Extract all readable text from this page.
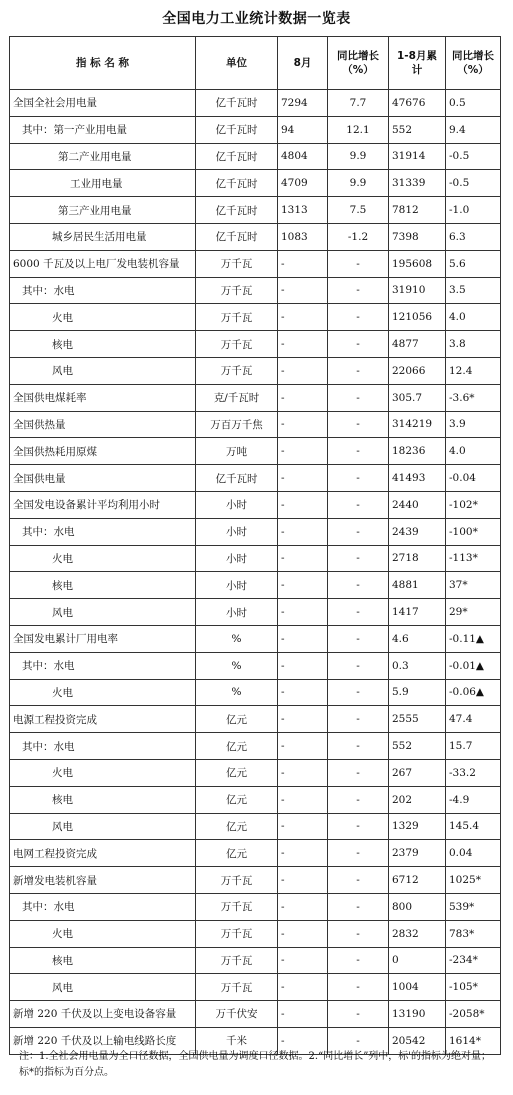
全国电力工业统计数据一览表
指 标 名 称	单位	8月	同比增长（%）	1-8月累计	同比增长（%）
全国全社会用电量	亿千瓦时	7294	7.7	47676	0.5
其中：第一产业用电量	亿千瓦时	94	12.1	552	9.4
第二产业用电量	亿千瓦时	4804	9.9	31914	-0.5
工业用电量	亿千瓦时	4709	9.9	31339	-0.5
第三产业用电量	亿千瓦时	1313	7.5	7812	-1.0
城乡居民生活用电量	亿千瓦时	1083	-1.2	7398	6.3
6000 千瓦及以上电厂发电装机容量	万千瓦	-	-	195608	5.6
其中：水电	万千瓦	-	-	31910	3.5
火电	万千瓦	-	-	121056	4.0
核电	万千瓦	-	-	4877	3.8
风电	万千瓦	-	-	22066	12.4
全国供电煤耗率	克/千瓦时	-	-	305.7	-3.6*
全国供热量	万百万千焦	-	-	314219	3.9
全国供热耗用原煤	万吨	-	-	18236	4.0
全国供电量	亿千瓦时	-	-	41493	-0.04
全国发电设备累计平均利用小时	小时	-	-	2440	-102*
其中：水电	小时	-	-	2439	-100*
火电	小时	-	-	2718	-113*
核电	小时	-	-	4881	37*
风电	小时	-	-	1417	29*
全国发电累计厂用电率	%	-	-	4.6	-0.11▲
其中：水电	%	-	-	0.3	-0.01▲
火电	%	-	-	5.9	-0.06▲
电源工程投资完成	亿元	-	-	2555	47.4
其中：水电	亿元	-	-	552	15.7
火电	亿元	-	-	267	-33.2
核电	亿元	-	-	202	-4.9
风电	亿元	-	-	1329	145.4
电网工程投资完成	亿元	-	-	2379	0.04
新增发电装机容量	万千瓦	-	-	6712	1025*
其中：水电	万千瓦	-	-	800	539*
火电	万千瓦	-	-	2832	783*
核电	万千瓦	-	-	0	-234*
风电	万千瓦	-	-	1004	-105*
新增 220 千伏及以上变电设备容量	万千伏安	-	-	13190	-2058*
新增 220 千伏及以上输电线路长度	千米	-	-	20542	1614*
注：1.全社会用电量为全口径数据，全国供电量为调度口径数据。2.“同比增长”列中，标'的指标为绝对量；标*的指标为百分点。
